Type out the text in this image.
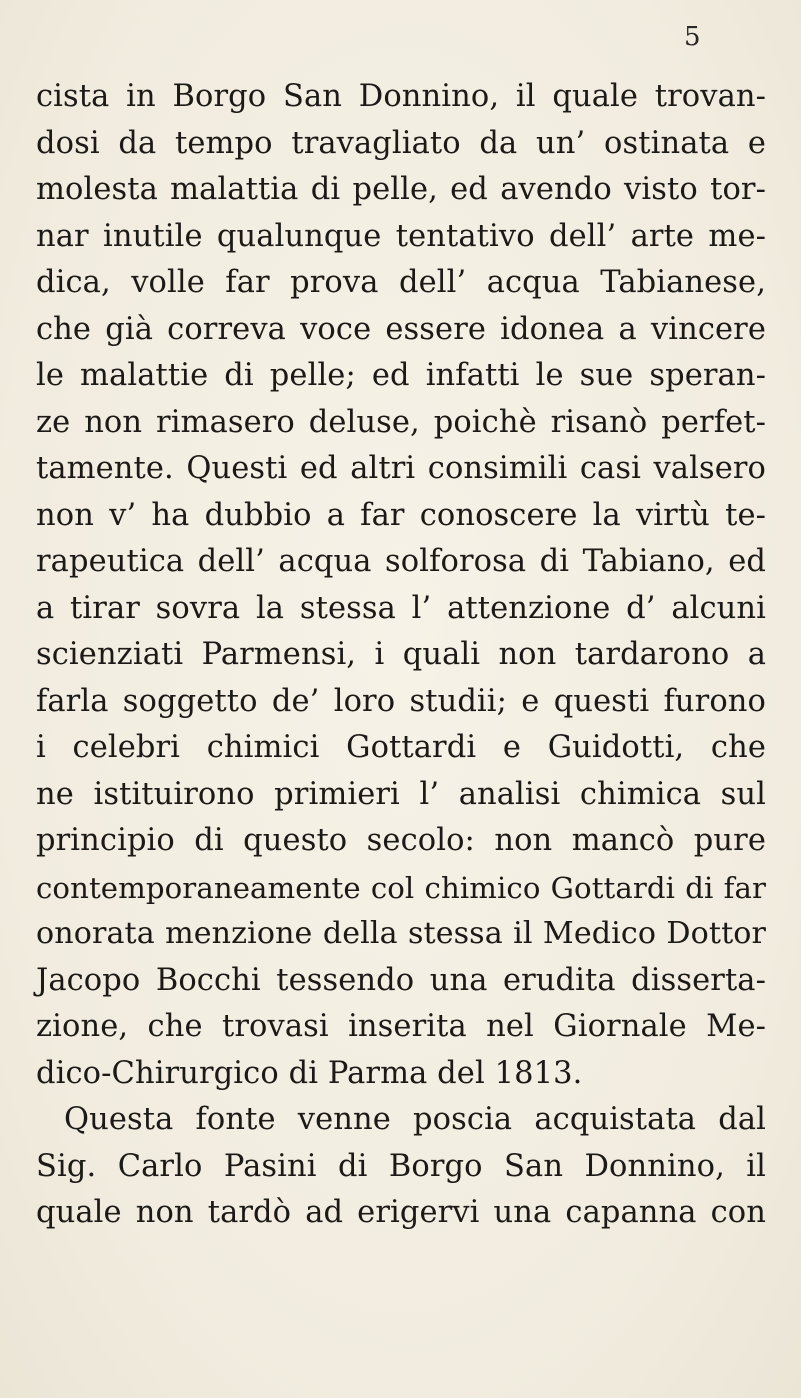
5
cista in Borgo San Donnino, il quale trovan-
dosi da tempo travagliato da un’ ostinata e
molesta malattia di pelle, ed avendo visto tor-
nar inutile qualunque tentativo dell’ arte me-
dica, volle far prova dell’ acqua Tabianese,
che già correva voce essere idonea a vincere
le malattie di pelle; ed infatti le sue speran-
ze non rimasero deluse, poichè risanò perfet-
tamente. Questi ed altri consimili casi valsero
non v’ ha dubbio a far conoscere la virtù te-
rapeutica dell’ acqua solforosa di Tabiano, ed
a tirar sovra la stessa l’ attenzione d’ alcuni
scienziati Parmensi, i quali non tardarono a
farla soggetto de’ loro studii; e questi furono
i celebri chimici Gottardi e Guidotti, che
ne istituirono primieri l’ analisi chimica sul
principio di questo secolo: non mancò pure
contemporaneamente col chimico Gottardi di far
onorata menzione della stessa il Medico Dottor
Jacopo Bocchi tessendo una erudita disserta-
zione, che trovasi inserita nel Giornale Me-
dico-Chirurgico di Parma del 1813.
Questa fonte venne poscia acquistata dal
Sig. Carlo Pasini di Borgo San Donnino, il
quale non tardò ad erigervi una capanna con
